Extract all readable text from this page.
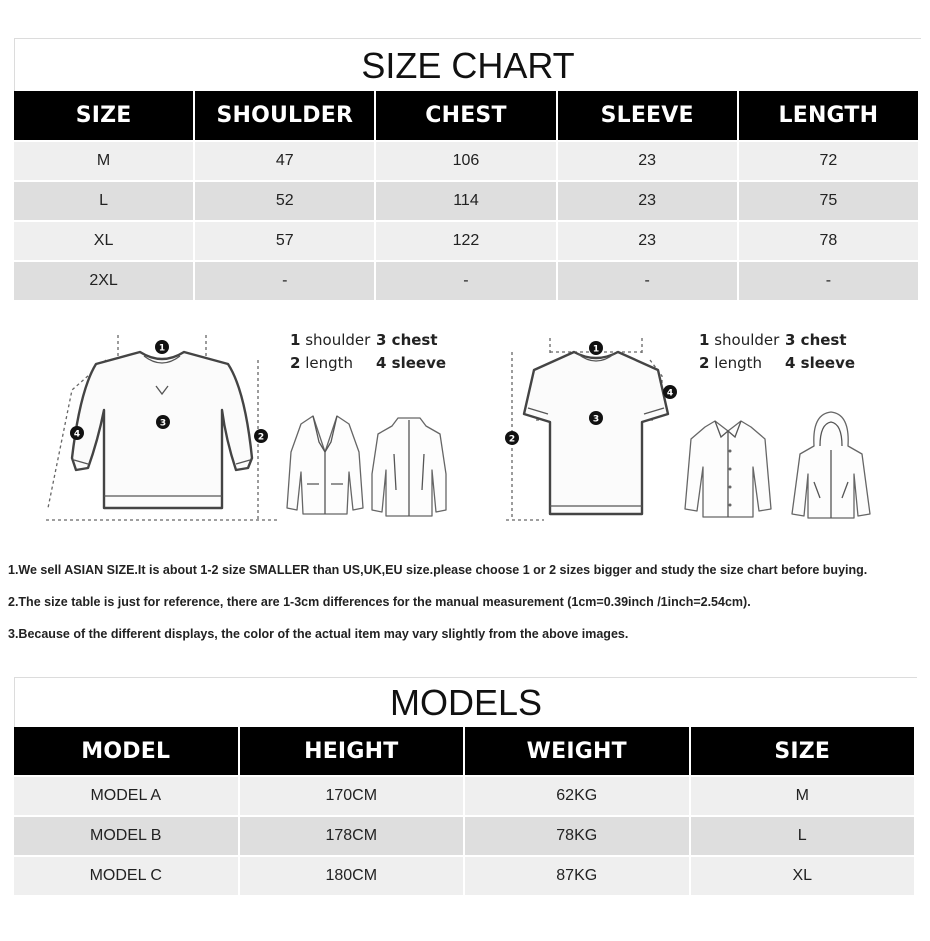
SIZE CHART
SIZE	SHOULDER	CHEST	SLEEVE	LENGTH
M	47	106	23	72
L	52	114	23	75
XL	57	122	23	78
2XL	-	-	-	-
1
3
2
4
1 shoulder 3 chest
2 length	4 sleeve
1
3
2
4
1 shoulder 3 chest
2 length	4 sleeve
1.We sell ASIAN SIZE.It is about 1-2 size SMALLER than US,UK,EU size.please choose 1 or 2 sizes bigger and study the size chart before buying.
2.The size table is just for reference, there are 1-3cm differences for the manual measurement (1cm=0.39inch /1inch=2.54cm).
3.Because of the different displays, the color of the actual item may vary slightly from the above images.
MODELS
MODEL	HEIGHT	WEIGHT	SIZE
MODEL A	170CM	62KG	M
MODEL B	178CM	78KG	L
MODEL C	180CM	87KG	XL
